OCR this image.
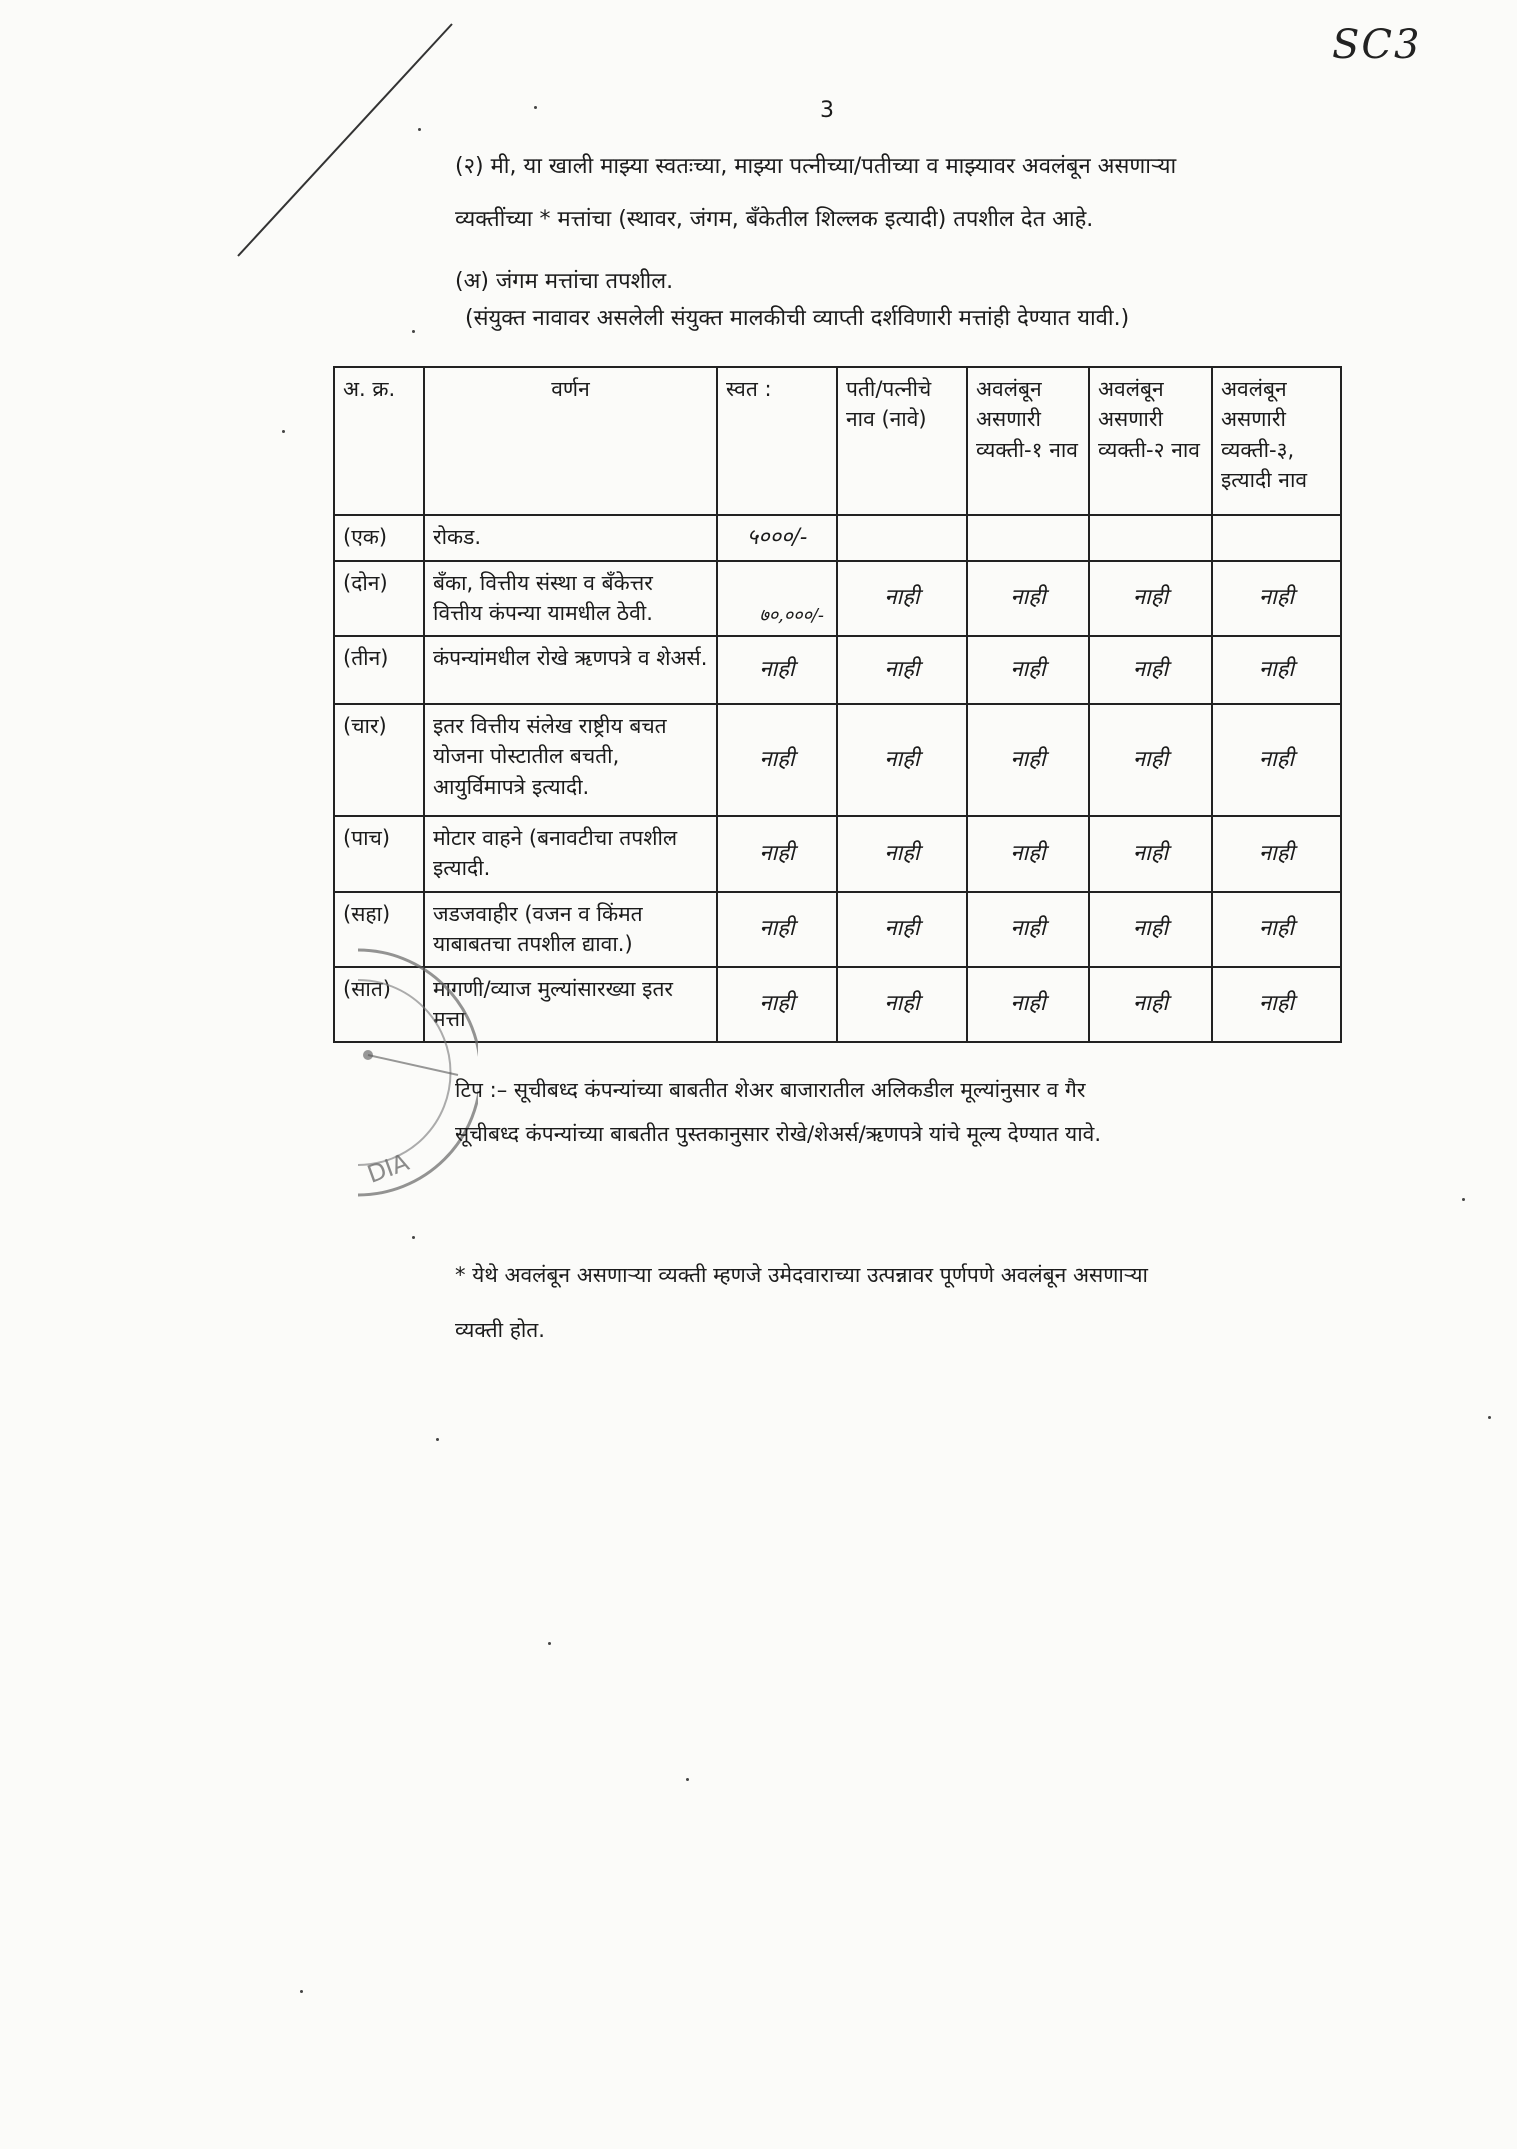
SC3
3
(२) मी, या खाली माझ्या स्वतःच्या, माझ्या पत्नीच्या/पतीच्या व माझ्यावर अवलंबून असणाऱ्या
व्यक्तींच्या * मत्तांचा (स्थावर, जंगम, बँकेतील शिल्लक इत्यादी) तपशील देत आहे.
(अ) जंगम मत्तांचा तपशील.
(संयुक्त नावावर असलेली संयुक्त मालकीची व्याप्ती दर्शविणारी मत्तांही देण्यात यावी.)
अ. क्र.	वर्णन	स्वत :	पती/पत्नीचे नाव (नावे)	अवलंबून असणारी व्यक्ती-१ नाव	अवलंबून असणारी व्यक्ती-२ नाव	अवलंबून असणारी व्यक्ती-३, इत्यादी नाव
(एक)	रोकड.	५०००/-				
(दोन)	बँका, वित्तीय संस्था व बँकेत्तर वित्तीय कंपन्या यामधील ठेवी.	७०,०००/-	नाही	नाही	नाही	नाही
(तीन)	कंपन्यांमधील रोखे ऋणपत्रे व शेअर्स.	नाही	नाही	नाही	नाही	नाही
(चार)	इतर वित्तीय संलेख राष्ट्रीय बचत योजना पोस्टातील बचती, आयुर्विमापत्रे इत्यादी.	नाही	नाही	नाही	नाही	नाही
(पाच)	मोटार वाहने (बनावटीचा तपशील इत्यादी.	नाही	नाही	नाही	नाही	नाही
(सहा)	जडजवाहीर (वजन व किंमत याबाबतचा तपशील द्यावा.)	नाही	नाही	नाही	नाही	नाही
(सात)	मागणी/व्याज मुल्यांसारख्या इतर मत्ता	नाही	नाही	नाही	नाही	नाही
DIA
टिप :– सूचीबध्द कंपन्यांच्या बाबतीत शेअर बाजारातील अलिकडील मूल्यांनुसार व गैर
सूचीबध्द कंपन्यांच्या बाबतीत पुस्तकानुसार रोखे/शेअर्स/ऋणपत्रे यांचे मूल्य देण्यात यावे.
* येथे अवलंबून असणाऱ्या व्यक्ती म्हणजे उमेदवाराच्या उत्पन्नावर पूर्णपणे अवलंबून असणाऱ्या
व्यक्ती होत.
